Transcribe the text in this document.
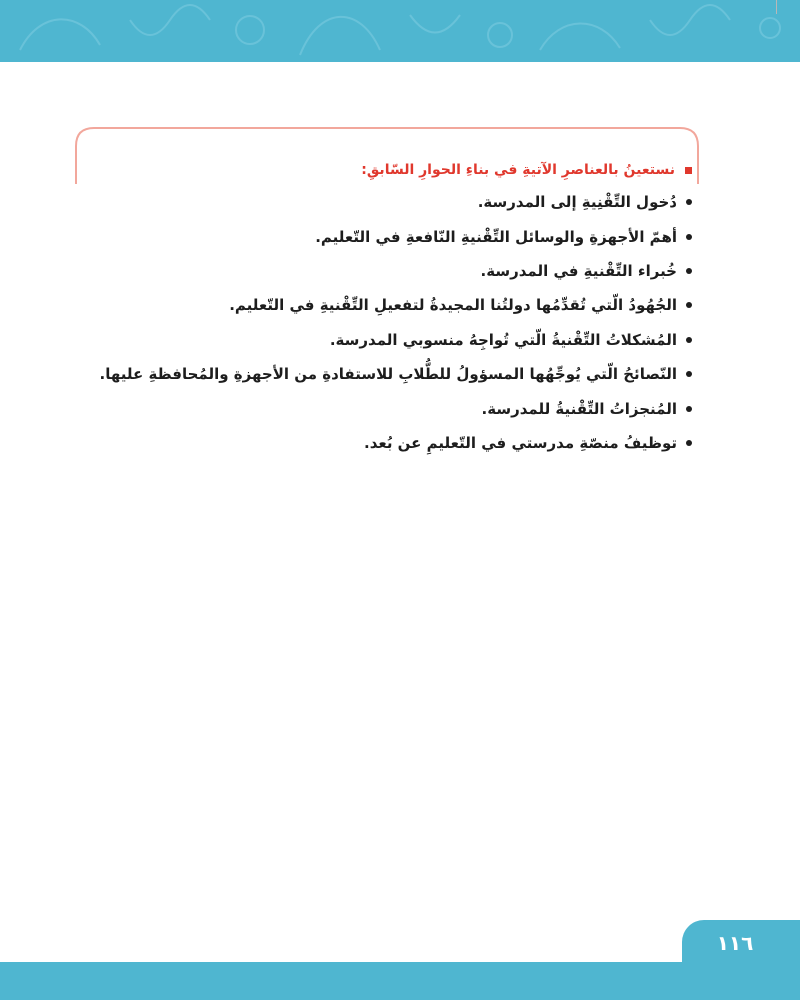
نستعينُ بالعناصرِ الآتيةِ في بناءِ الحوارِ السّابقِ:
دُخول التِّقْنِيةِ إلى المدرسة.
أهمّ الأجهزةِ والوسائل التِّقْنيةِ النّافعةِ في التّعليم.
خُبراء التِّقْنيةِ في المدرسة.
الجُهُودُ الّتي تُقدِّمُها دولتُنا المجيدةُ لتفعيلِ التِّقْنيةِ في التّعليم.
المُشكلاتُ التِّقْنيةُ الّتي تُواجِهُ منسوبي المدرسة.
النّصائحُ الّتي يُوجِّهُها المسؤولُ للطُّلابِ للاستفادةِ من الأجهزةِ والمُحافظةِ عليها.
المُنجزاتُ التِّقْنيةُ للمدرسة.
توظيفُ منصّةِ مدرستي في التّعليمِ عن بُعد.
١١٦
